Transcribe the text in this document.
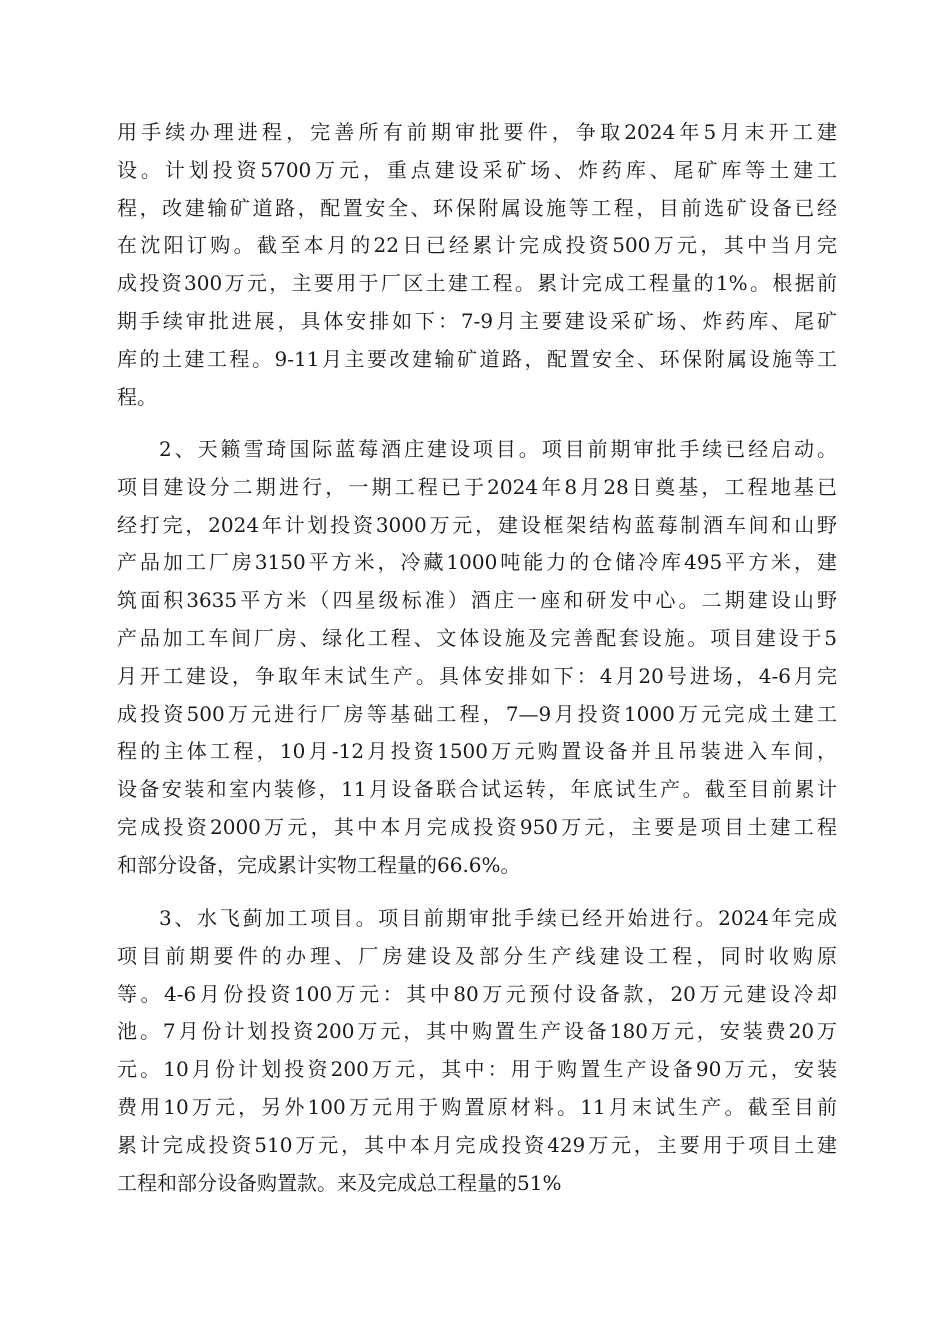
用手续办理进程，完善所有前期审批要件，争取2024年5月末开工建
设。计划投资5700万元，重点建设采矿场、炸药库、尾矿库等土建工
程，改建输矿道路，配置安全、环保附属设施等工程，目前选矿设备已经
在沈阳订购。截至本月的22日已经累计完成投资500万元，其中当月完
成投资300万元，主要用于厂区土建工程。累计完成工程量的1%。根据前
期手续审批进展，具体安排如下：7-9月主要建设采矿场、炸药库、尾矿
库的土建工程。9-11月主要改建输矿道路，配置安全、环保附属设施等工
程。
2、天籁雪琦国际蓝莓酒庄建设项目。项目前期审批手续已经启动。
项目建设分二期进行，一期工程已于2024年8月28日奠基，工程地基已
经打完，2024年计划投资3000万元，建设框架结构蓝莓制酒车间和山野
产品加工厂房3150平方米，冷藏1000吨能力的仓储冷库495平方米，建
筑面积3635平方米（四星级标准）酒庄一座和研发中心。二期建设山野
产品加工车间厂房、绿化工程、文体设施及完善配套设施。项目建设于5
月开工建设，争取年末试生产。具体安排如下：4月20号进场，4-6月完
成投资500万元进行厂房等基础工程，7—9月投资1000万元完成土建工
程的主体工程，10月-12月投资1500万元购置设备并且吊装进入车间，
设备安装和室内装修，11月设备联合试运转，年底试生产。截至目前累计
完成投资2000万元，其中本月完成投资950万元，主要是项目土建工程
和部分设备，完成累计实物工程量的66.6%。
3、水飞蓟加工项目。项目前期审批手续已经开始进行。2024年完成
项目前期要件的办理、厂房建设及部分生产线建设工程，同时收购原
等。4-6月份投资100万元：其中80万元预付设备款，20万元建设冷却
池。7月份计划投资200万元，其中购置生产设备180万元，安装费20万
元。10月份计划投资200万元，其中：用于购置生产设备90万元，安装
费用10万元，另外100万元用于购置原材料。11月末试生产。截至目前
累计完成投资510万元，其中本月完成投资429万元，主要用于项目土建
工程和部分设备购置款。来及完成总工程量的51%
